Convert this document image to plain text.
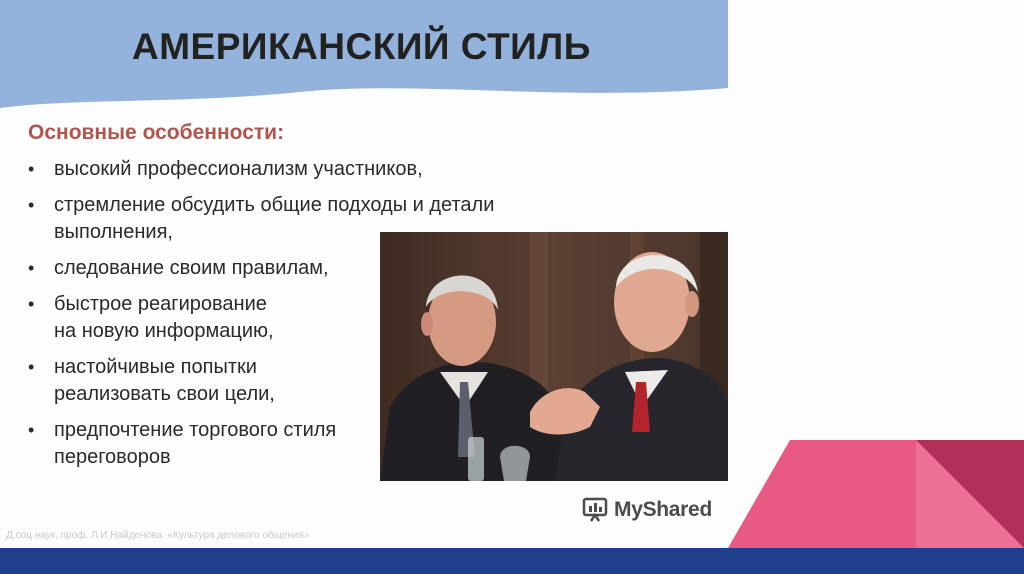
АМЕРИКАНСКИЙ СТИЛЬ

Основные особенности:

• высокий профессионализм участников,
• стремление обсудить общие подходы и детали
выполнения,
• следование своим правилам,
• быстрое реагирование
на новую информацию,
• настойчивые попытки
реализовать свои цели,
• предпочтение торгового стиля
переговоров
MyShared

Д.соц.наук, проф. Л.И.Найденова. «Культура делового общения»
